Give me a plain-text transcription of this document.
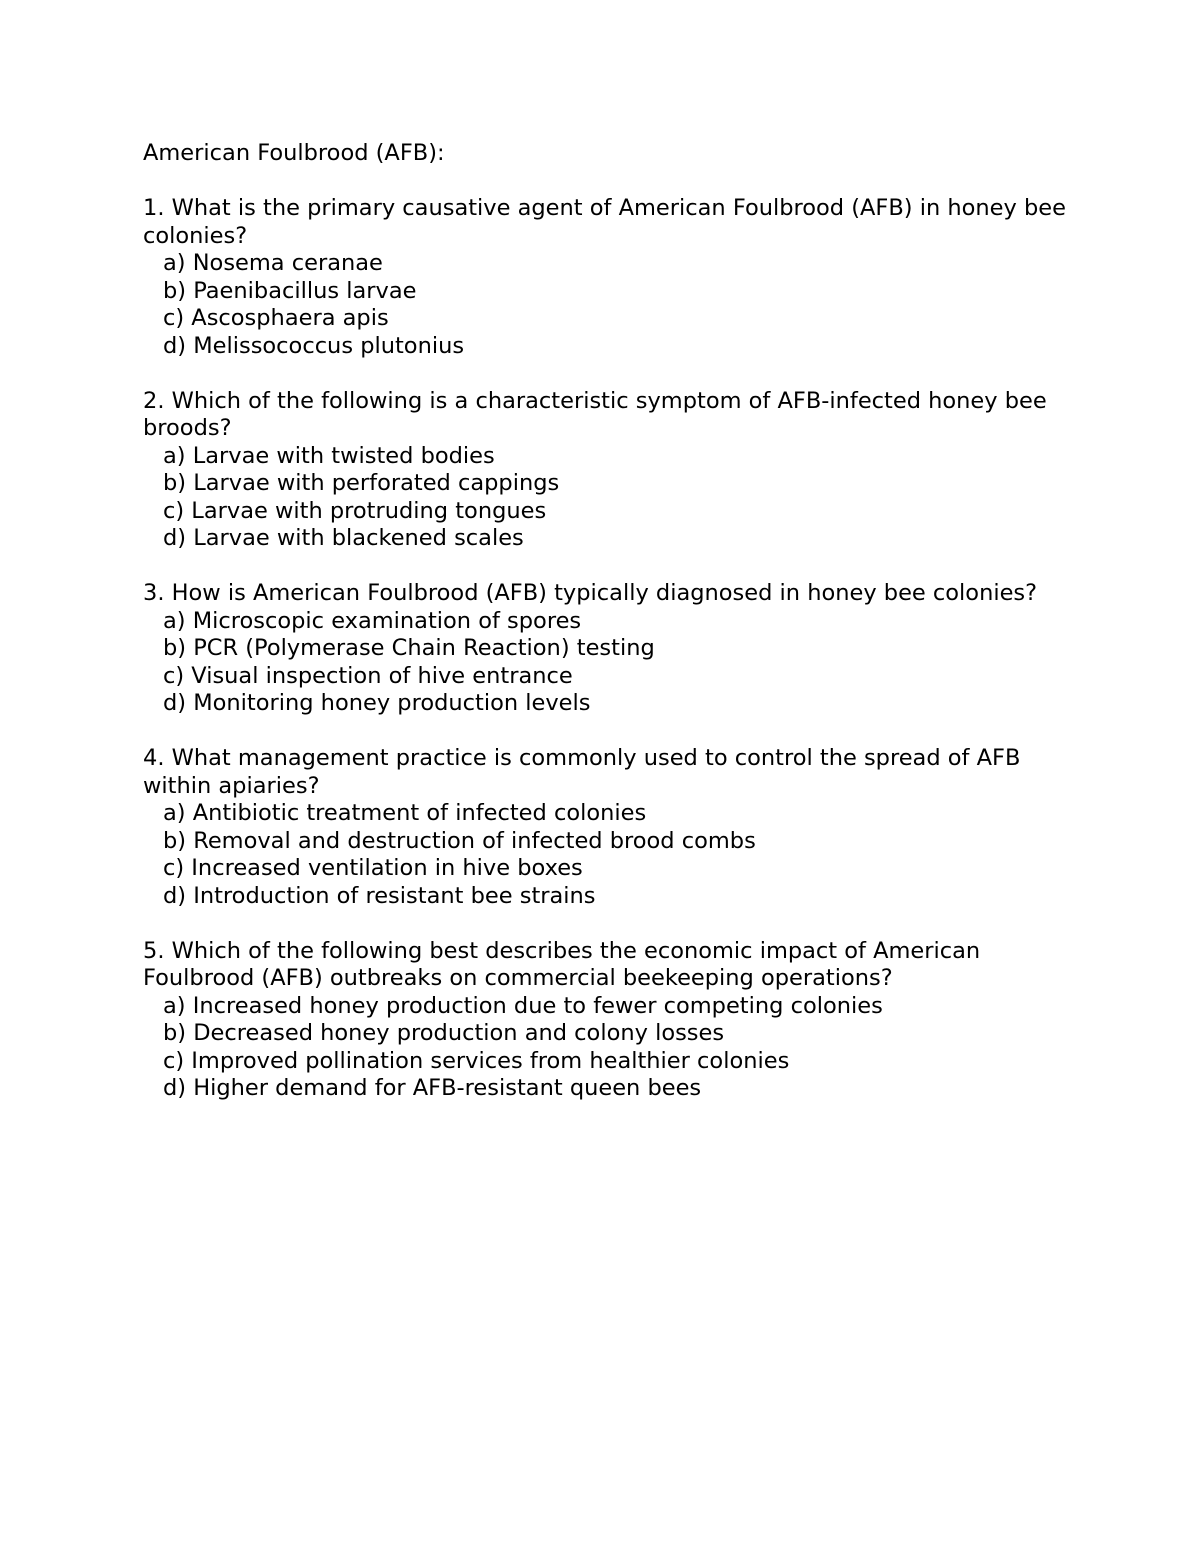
American Foulbrood (AFB):

1. What is the primary causative agent of American Foulbrood (AFB) in honey bee colonies?

a) Nosema ceranae
b) Paenibacillus larvae
c) Ascosphaera apis
d) Melissococcus plutonius

2. Which of the following is a characteristic symptom of AFB-infected honey bee broods?

a) Larvae with twisted bodies
b) Larvae with perforated cappings
c) Larvae with protruding tongues
d) Larvae with blackened scales

3. How is American Foulbrood (AFB) typically diagnosed in honey bee colonies?

a) Microscopic examination of spores
b) PCR (Polymerase Chain Reaction) testing
c) Visual inspection of hive entrance
d) Monitoring honey production levels

4. What management practice is commonly used to control the spread of AFB within apiaries?

a) Antibiotic treatment of infected colonies
b) Removal and destruction of infected brood combs
c) Increased ventilation in hive boxes
d) Introduction of resistant bee strains

5. Which of the following best describes the economic impact of American Foulbrood (AFB) outbreaks on commercial beekeeping operations?

a) Increased honey production due to fewer competing colonies
b) Decreased honey production and colony losses
c) Improved pollination services from healthier colonies
d) Higher demand for AFB-resistant queen bees
